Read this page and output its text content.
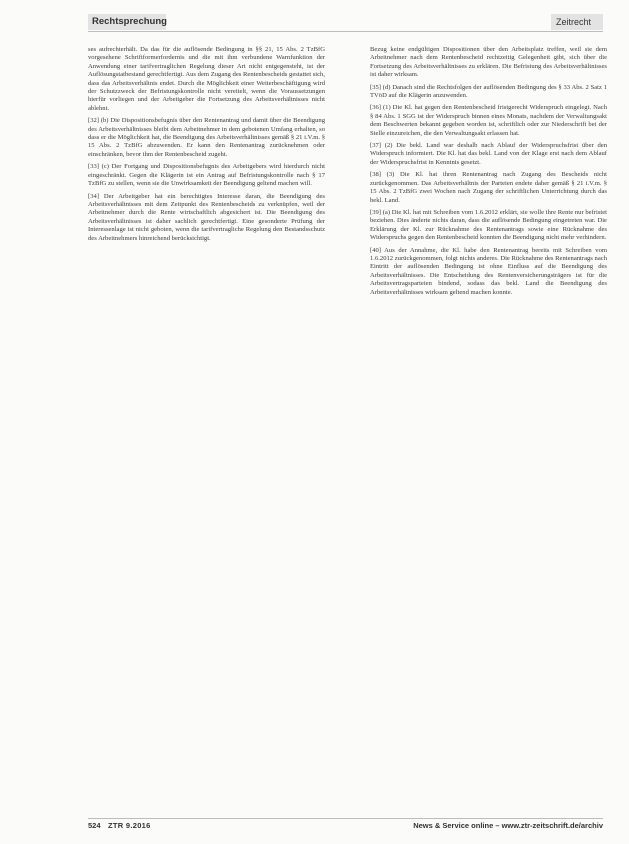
Rechtsprechung	Zeitrecht

ses aufrechterhält. Da das für die auflösende Bedingung in §§ 21, 15 Abs. 2 TzBfG vorgesehene Schriftformerfordernis und die mit ihm verbundene Warnfunktion der Anwendung einer tarifvertraglichen Regelung dieser Art nicht entgegensteht, ist der Auflösungstatbestand gerechtfertigt. Aus dem Zugang des Rentenbescheids gestattet sich, dass das Arbeitsverhältnis endet. Durch die Möglichkeit einer Weiterbeschäftigung wird der Schutzzweck der Befristungskontrolle nicht vereitelt, wenn die Voraussetzungen hierfür vorliegen und der Arbeitgeber die Fortsetzung des Arbeitsverhältnisses nicht ablehnt.

[32] (b) Die Dispositionsbefugnis über den Rentenantrag und damit über die Beendigung des Arbeitsverhältnisses bleibt dem Arbeitnehmer in dem gebotenen Umfang erhalten, so dass er die Möglichkeit hat, die Beendigung des Arbeitsverhältnisses gemäß § 21 i.V.m. § 15 Abs. 2 TzBfG abzuwenden. Er kann den Rentenantrag zurücknehmen oder einschränken, bevor ihm der Rentenbescheid zugeht.

[33] (c) Der Fortgang und Dispositionsbefugnis des Arbeitgebers wird hierdurch nicht eingeschränkt. Gegen die Klägerin ist ein Antrag auf Befristungskontrolle nach § 17 TzBfG zu stellen, wenn sie die Unwirksamkeit der Beendigung geltend machen will.

[34] Der Arbeitgeber hat ein berechtigtes Interesse daran, die Beendigung des Arbeitsverhältnisses mit dem Zeitpunkt des Rentenbescheids zu verknüpfen, weil der Arbeitnehmer durch die Rente wirtschaftlich abgesichert ist. Die Beendigung des Arbeitsverhältnisses ist daher sachlich gerechtfertigt. Eine gesonderte Prüfung der Interessenlage ist nicht geboten, wenn die tarifvertragliche Regelung den Bestandsschutz des Arbeitnehmers hinreichend berücksichtigt.

Bezug keine endgültigen Dispositionen über den Arbeitsplatz treffen, weil sie dem Arbeitnehmer nach dem Rentenbescheid rechtzeitig Gelegenheit gibt, sich über die Fortsetzung des Arbeitsverhältnisses zu erklären. Die Befristung des Arbeitsverhältnisses ist daher wirksam.

[35] (d) Danach sind die Rechtsfolgen der auflösenden Bedingung des § 33 Abs. 2 Satz 1 TVöD auf die Klägerin anzuwenden.

[36] (1) Die Kl. hat gegen den Rentenbescheid fristgerecht Widerspruch eingelegt. Nach § 84 Abs. 1 SGG ist der Widerspruch binnen eines Monats, nachdem der Verwaltungsakt dem Beschwerten bekannt gegeben worden ist, schriftlich oder zur Niederschrift bei der Stelle einzureichen, die den Verwaltungsakt erlassen hat.

[37] (2) Die bekl. Land war deshalb nach Ablauf der Widerspruchsfrist über den Widerspruch informiert. Die Kl. hat das bekl. Land von der Klage erst nach dem Ablauf der Widerspruchsfrist in Kenntnis gesetzt.

[38] (3) Die Kl. hat ihren Rentenantrag nach Zugang des Bescheids nicht zurückgenommen. Das Arbeitsverhältnis der Parteien endete daher gemäß § 21 i.V.m. § 15 Abs. 2 TzBfG zwei Wochen nach Zugang der schriftlichen Unterrichtung durch das bekl. Land.

[39] (a) Die Kl. hat mit Schreiben vom 1.6.2012 erklärt, sie wolle ihre Rente nur befristet beziehen. Dies änderte nichts daran, dass die auflösende Bedingung eingetreten war. Die Erklärung der Kl. zur Rücknahme des Rentenantrags sowie eine Rücknahme des Widerspruchs gegen den Rentenbescheid konnten die Beendigung nicht mehr verhindern.

[40] Aus der Annahme, die Kl. habe den Rentenantrag bereits mit Schreiben vom 1.6.2012 zurückgenommen, folgt nichts anderes. Die Rücknahme des Rentenantrags nach Eintritt der auflösenden Bedingung ist ohne Einfluss auf die Beendigung des Arbeitsverhältnisses. Die Entscheidung des Rentenversicherungsträgers ist für die Arbeitsvertragsparteien bindend, sodass das bekl. Land die Beendigung des Arbeitsverhältnisses wirksam geltend machen konnte.

524 ZTR 9.2016	News & Service online – www.ztr-zeitschrift.de/archiv
